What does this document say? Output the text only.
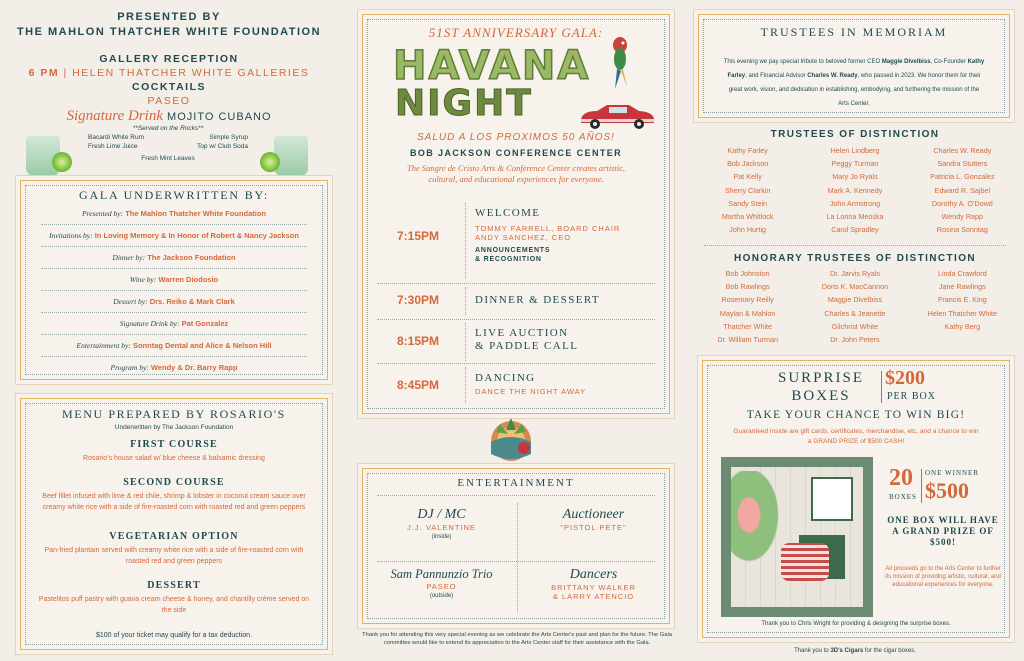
PRESENTED BY
THE MAHLON THATCHER WHITE FOUNDATION
GALLERY RECEPTION
6 PM | HELEN THATCHER WHITE GALLERIES
COCKTAILS
PASEO
Signature Drink MOJITO CUBANO
**Served on the Rocks**
Bacardi White Rum	Simple Syrup
Fresh Lime Juice	Top w/ Club Soda
Fresh Mint Leaves
GALA UNDERWRITTEN BY:
Presented by: The Mahlon Thatcher White Foundation
Invitations by: In Loving Memory & In Honor of Robert & Nancy Jackson
Dinner by: The Jackson Foundation
Wine by: Warren Diodosio
Dessert by: Drs. Reiko & Mark Clark
Signature Drink by: Pat Gonzalez
Entertainment by: Sonntag Dental and Alice & Nelson Hill
Program by: Wendy & Dr. Barry Rapp
MENU PREPARED BY ROSARIO'S
Underwritten by The Jackson Foundation
FIRST COURSE
Rosario's house salad w/ blue cheese & balsamic dressing
SECOND COURSE
Beef fillet infused with lime & red chile, shrimp & lobster in coconut cream sauce over creamy white rice with a side of fire-roasted corn with roasted red and green peppers
VEGETARIAN OPTION
Pan-fried plantain served with creamy white rice with a side of fire-roasted corn with roasted red and green peppers
DESSERT
Pastelitos puff pastry with guava cream cheese & honey, and chantilly crème served on the side
$100 of your ticket may qualify for a tax deduction.
51ST ANNIVERSARY GALA:
HAVANA
NIGHT
SALUD A LOS PROXIMOS 50 AÑOS!
BOB JACKSON CONFERENCE CENTER
The Sangre de Cristo Arts & Conference Center creates artistic, cultural, and educational experiences for everyone.
7:15PM
WELCOME
TOMMY FARRELL, BOARD CHAIR
ANDY SANCHEZ, CEO
ANNOUNCEMENTS
& RECOGNITION
7:30PM	DINNER & DESSERT
8:15PM
LIVE AUCTION
& PADDLE CALL
8:45PM	DANCING
DANCE THE NIGHT AWAY
ENTERTAINMENT
DJ / MC
J.J. VALENTINE
(inside)
Auctioneer
"PISTOL PETE"
Sam Pannunzio Trio
PASEO
(outside)
Dancers
BRITTANY WALKER
& LARRY ATENCIO
Thank you for attending this very special evening as we celebrate the Arts Center's past and plan for the future. The Gala committee would like to extend its appreciation to the Arts Center staff for their assistance with the Gala.
TRUSTEES IN MEMORIAM
This evening we pay special tribute to beloved former CEO Maggie Divelbiss, Co-Founder Kathy Farley, and Financial Advisor Charles W. Ready, who passed in 2023. We honor them for their great work, vision, and dedication in establishing, embodying, and furthering the mission of the Arts Center.
TRUSTEES OF DISTINCTION
Kathy Farley	Helen Lindberg	Charles W. Ready
Bob Jackson	Peggy Turman	Sandra Stutters
Pat Kelly	Mary Jo Ryals	Patricia L. Gonzalez
Sherry Clarkin	Mark A. Kennedy	Edward R. Sajbel
Sandy Stein	John Armstrong	Dorothy A. O'Dowd
Martha Whitlock	La Lonna Meoska	Wendy Rapp
John Hurtig	Carol Spradley	Rosina Sonntag
HONORARY TRUSTEES OF DISTINCTION
Bob Johnston	Dr. Jarvis Ryals	Linda Crawford
Bob Rawlings	Doris K. MacCannon	Jane Rawlings
Rosemary Reilly	Maggie Divelbiss	Francis E. King
Maylan & Mahlon	Charles & Jeanette	Helen Thatcher White
Thatcher White	Gilchrist White	Kathy Berg
Dr. William Turman	Dr. John Peters
SURPRISE
BOXES
$200
PER BOX
TAKE YOUR CHANCE TO WIN BIG!
Guaranteed inside are gift cards, certificates, merchandise, etc, and a chance to win a GRAND PRIZE of $500 CASH!
20
BOXES
ONE WINNER
$500
ONE BOX WILL HAVE A GRAND PRIZE OF $500!
All proceeds go to the Arts Center to further its mission of providing artistic, cultural, and educational experiences for everyone.
Thank you to Chris Wright for providing & designing the surprise boxes.
Thank you to 3D's Cigars for the cigar boxes.
